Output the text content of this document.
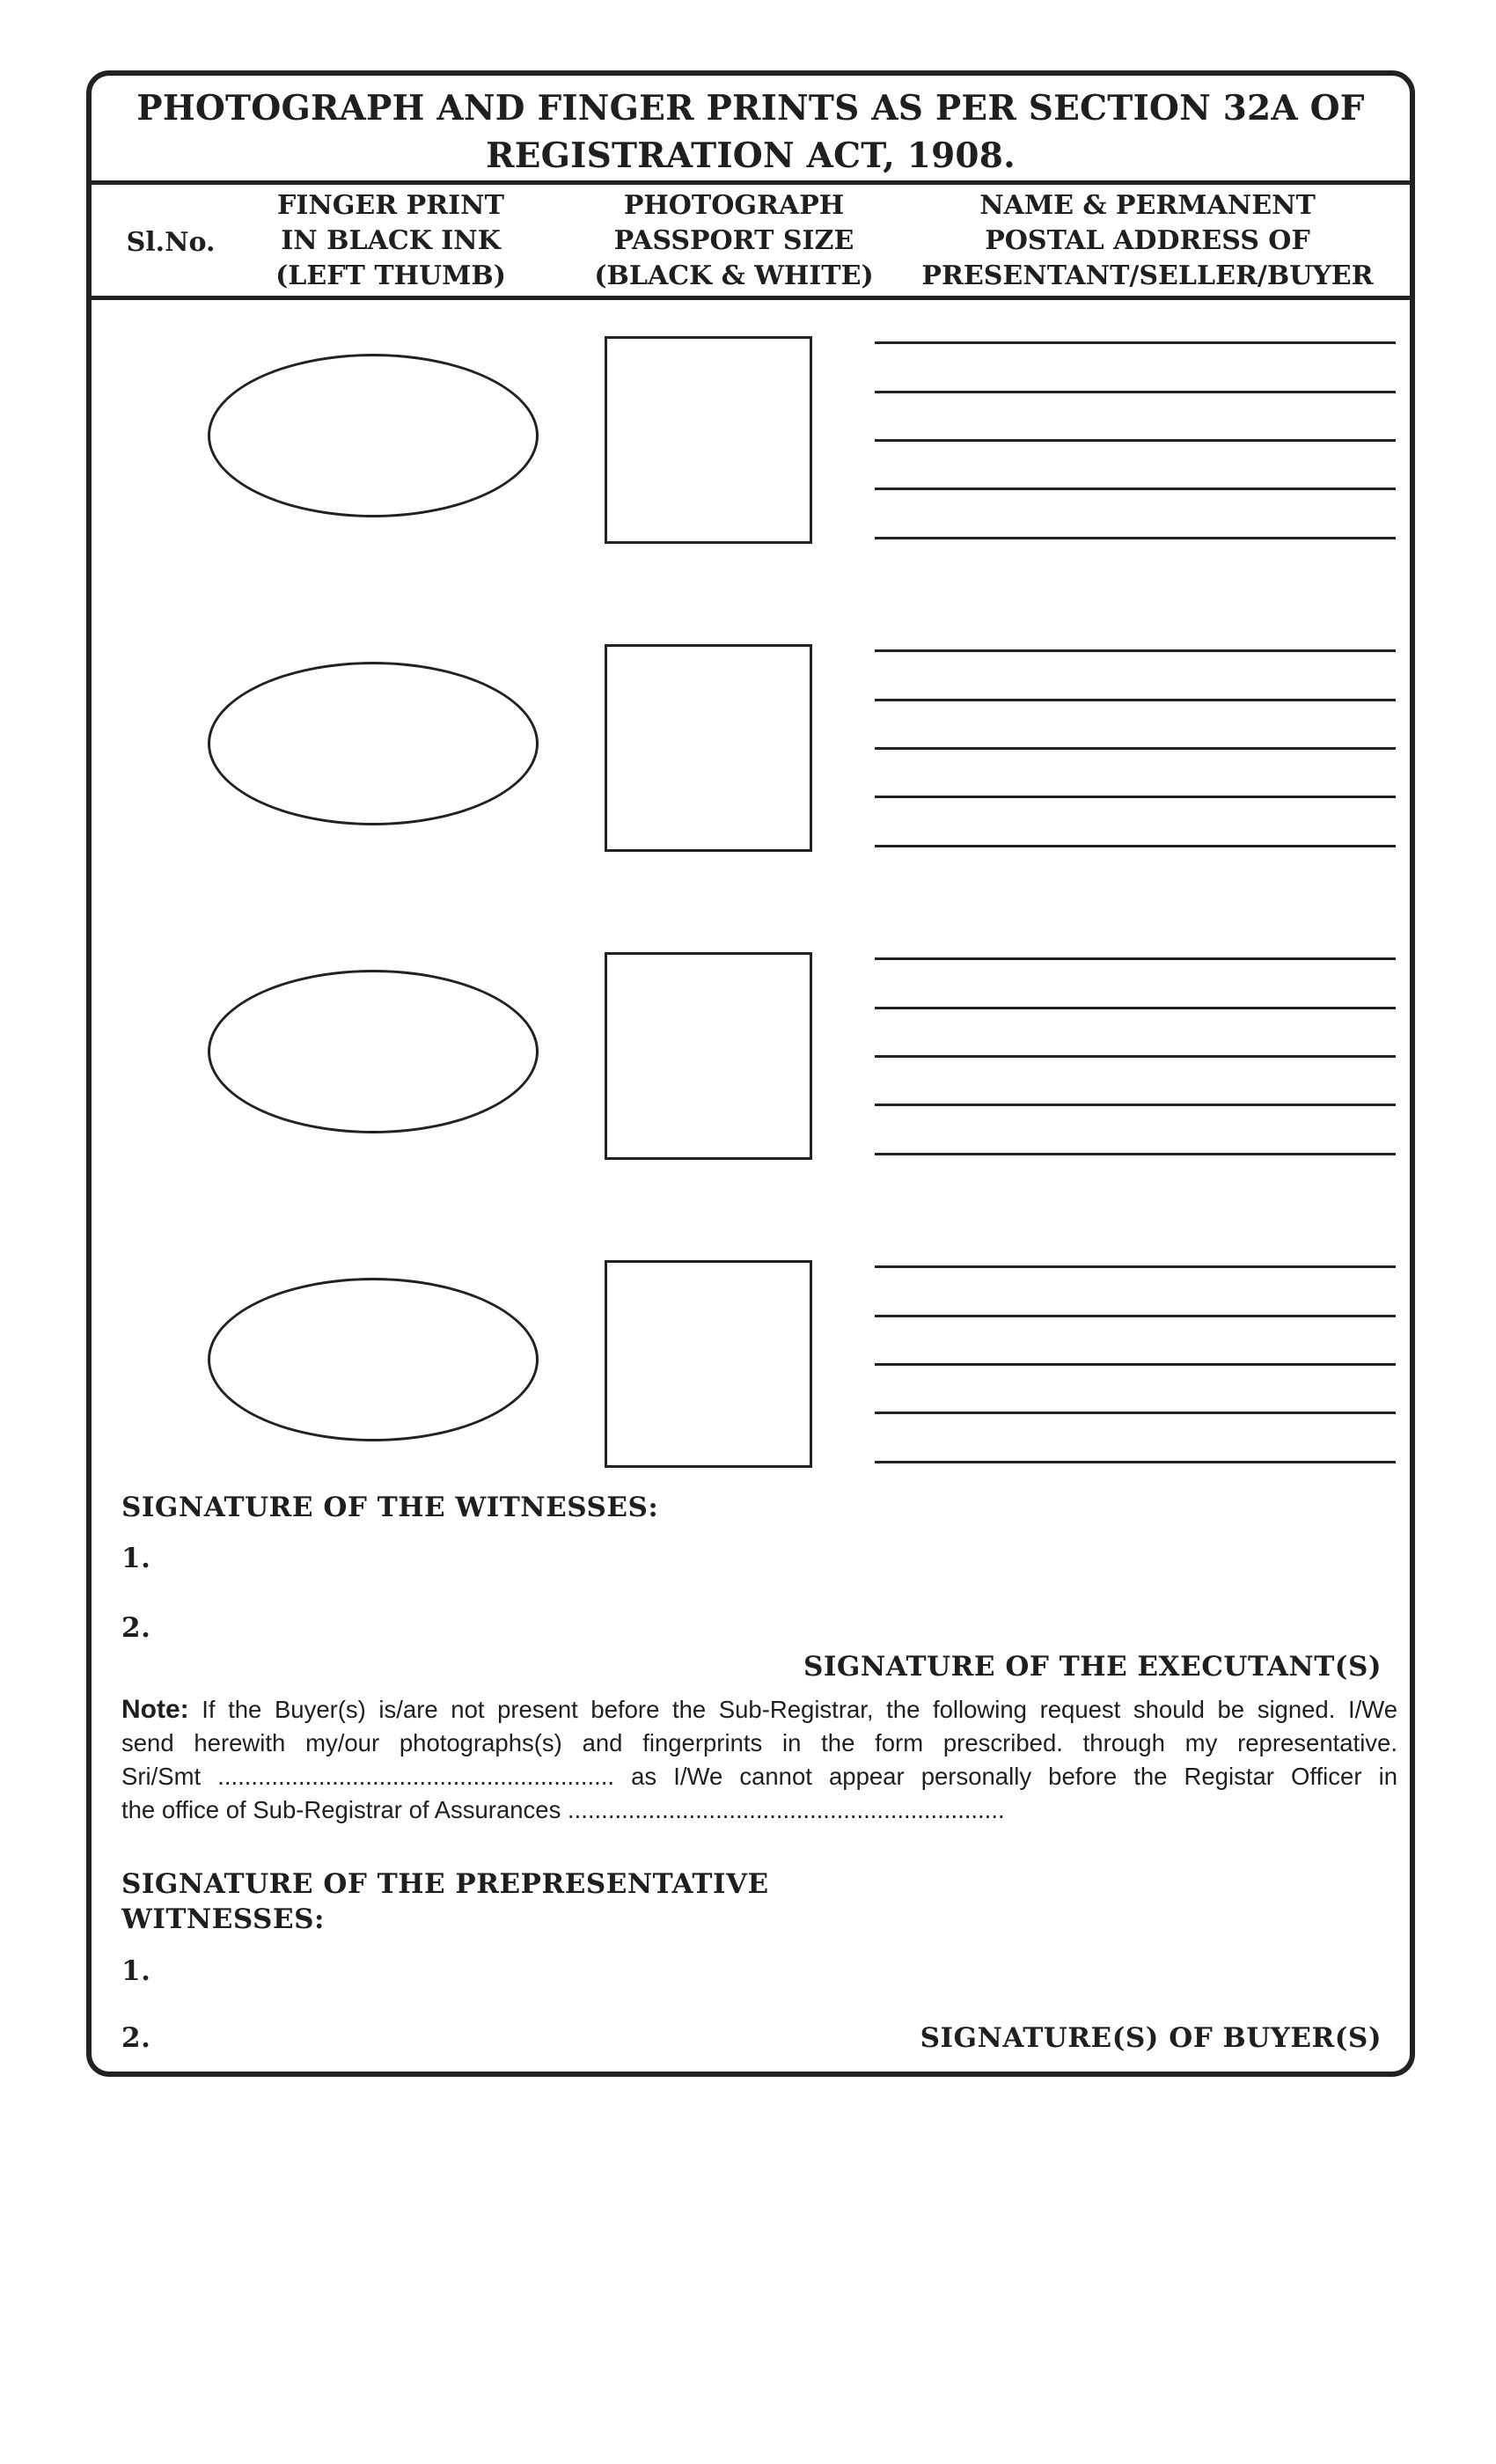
PHOTOGRAPH AND FINGER PRINTS AS PER SECTION 32A OF
REGISTRATION ACT, 1908.
Sl.No.
FINGER PRINT
IN BLACK INK
(LEFT THUMB)
PHOTOGRAPH
PASSPORT SIZE
(BLACK & WHITE)
NAME & PERMANENT
POSTAL ADDRESS OF
PRESENTANT/SELLER/BUYER
SIGNATURE OF THE WITNESSES:
1.
2.
SIGNATURE OF THE EXECUTANT(S)
Note: If the Buyer(s) is/are not present before the Sub-Registrar, the following request should be signed. I/We
send herewith my/our photographs(s) and fingerprints in the form prescribed. through my representative.
Sri/Smt ........................................................... as I/We cannot appear personally before the Registar Officer in
the office of Sub-Registrar of Assurances .................................................................
SIGNATURE OF THE PREPRESENTATIVE
WITNESSES:
1.
2.	SIGNATURE(S) OF BUYER(S)
